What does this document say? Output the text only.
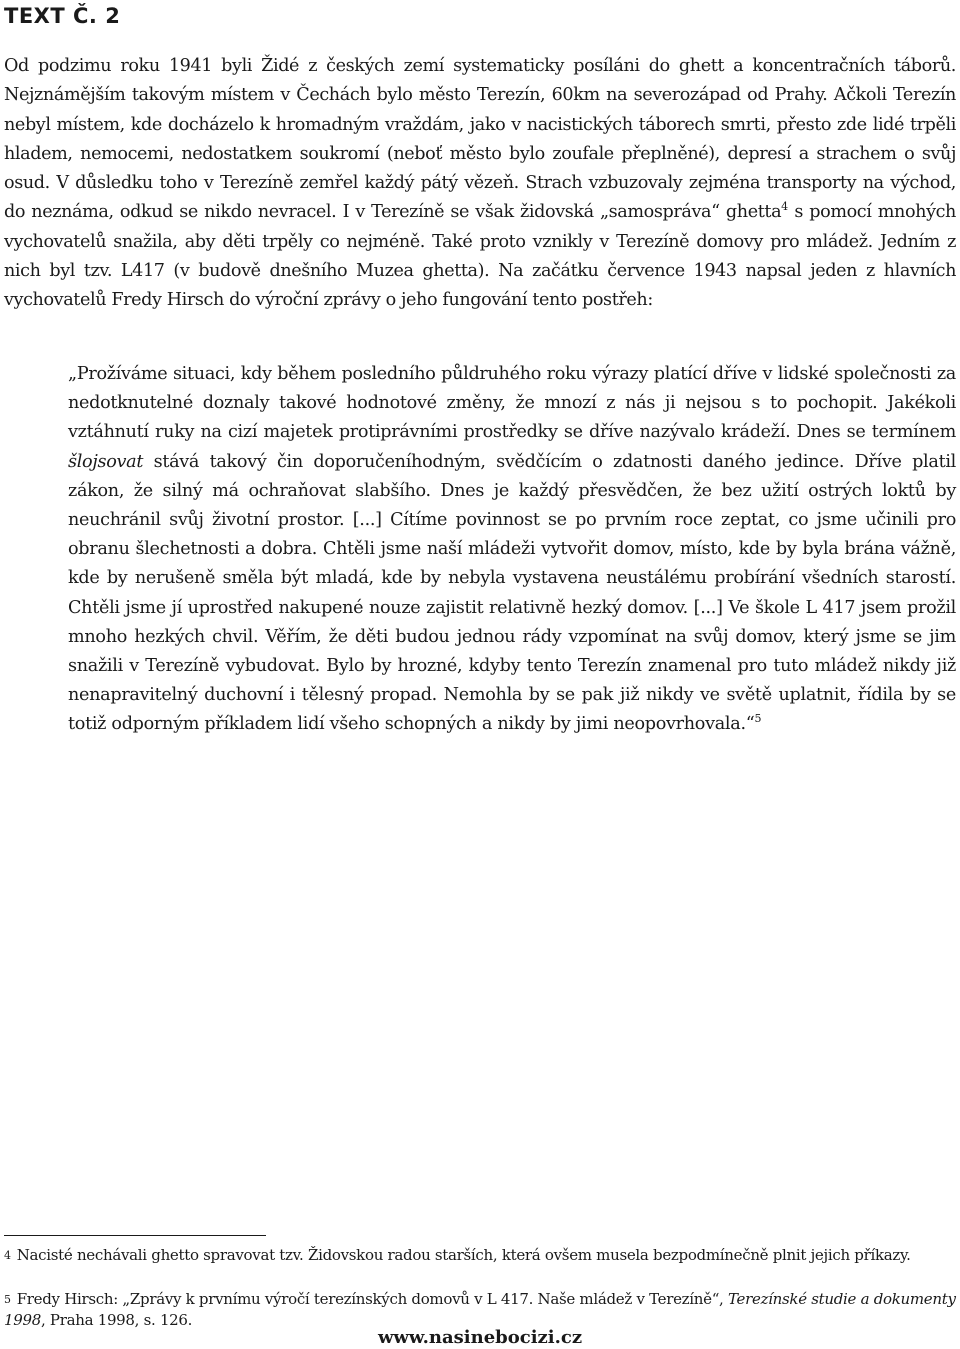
TEXT Č. 2

Od podzimu roku 1941 byli Židé z českých zemí systematicky posíláni do ghett a koncentračních táborů. Nejznámějším takovým místem v Čechách bylo město Terezín, 60km na severozápad od Prahy. Ačkoli Terezín nebyl místem, kde docházelo k hromadným vraždám, jako v nacistických táborech smrti, přesto zde lidé trpěli hladem, nemocemi, nedostatkem soukromí (neboť město bylo zoufale přeplněné), depresí a strachem o svůj osud. V důsledku toho v Terezíně zemřel každý pátý vězeň. Strach vzbuzovaly zejména transporty na východ, do neznáma, odkud se nikdo nevracel. I v Terezíně se však židovská „samospráva“ ghetta$^4$ s pomocí mnohých vychovatelů snažila, aby děti trpěly co nejméně. Také proto vznikly v Terezíně domovy pro mládež. Jedním z nich byl tzv. L417 (v budově dnešního Muzea ghetta). Na začátku července 1943 napsal jeden z hlavních vychovatelů Fredy Hirsch do výroční zprávy o jeho fungování tento postřeh:

„Prožíváme situaci, kdy během posledního půldruhého roku výrazy platící dříve v lidské společnosti za nedotknutelné doznaly takové hodnotové změny, že mnozí z nás ji nejsou s to pochopit. Jakékoli vztáhnutí ruky na cizí majetek protiprávními prostředky se dříve nazývalo krádeží. Dnes se termínem šlojsovat stává takový čin doporučeníhodným, svědčícím o zdatnosti daného jedince. Dříve platil zákon, že silný má ochraňovat slabšího. Dnes je každý přesvědčen, že bez užití ostrých loktů by neuchránil svůj životní prostor. [...] Cítíme povinnost se po prvním roce zeptat, co jsme učinili pro obranu šlechetnosti a dobra. Chtěli jsme naší mládeži vytvořit domov, místo, kde by byla brána vážně, kde by nerušeně směla být mladá, kde by nebyla vystavena neustálému probírání všedních starostí. Chtěli jsme jí uprostřed nakupené nouze zajistit relativně hezký domov. [...] Ve škole L 417 jsem prožil mnoho hezkých chvil. Věřím, že děti budou jednou rády vzpomínat na svůj domov, který jsme se jim snažili v Terezíně vybudovat. Bylo by hrozné, kdyby tento Terezín znamenal pro tuto mládež nikdy již nenapravitelný duchovní i tělesný propad. Nemohla by se pak již nikdy ve světě uplatnit, řídila by se totiž odporným příkladem lidí všeho schopných a nikdy by jimi neopovrhovala.“$^5$

$^4$ Nacisté nechávali ghetto spravovat tzv. Židovskou radou starších, která ovšem musela bezpodmínečně plnit jejich příkazy.

$^5$ Fredy Hirsch: „Zprávy k prvnímu výročí terezínských domovů v L 417. Naše mládež v Terezíně“, Terezínské studie a dokumenty 1998, Praha 1998, s. 126.

www.nasinebocizi.cz
